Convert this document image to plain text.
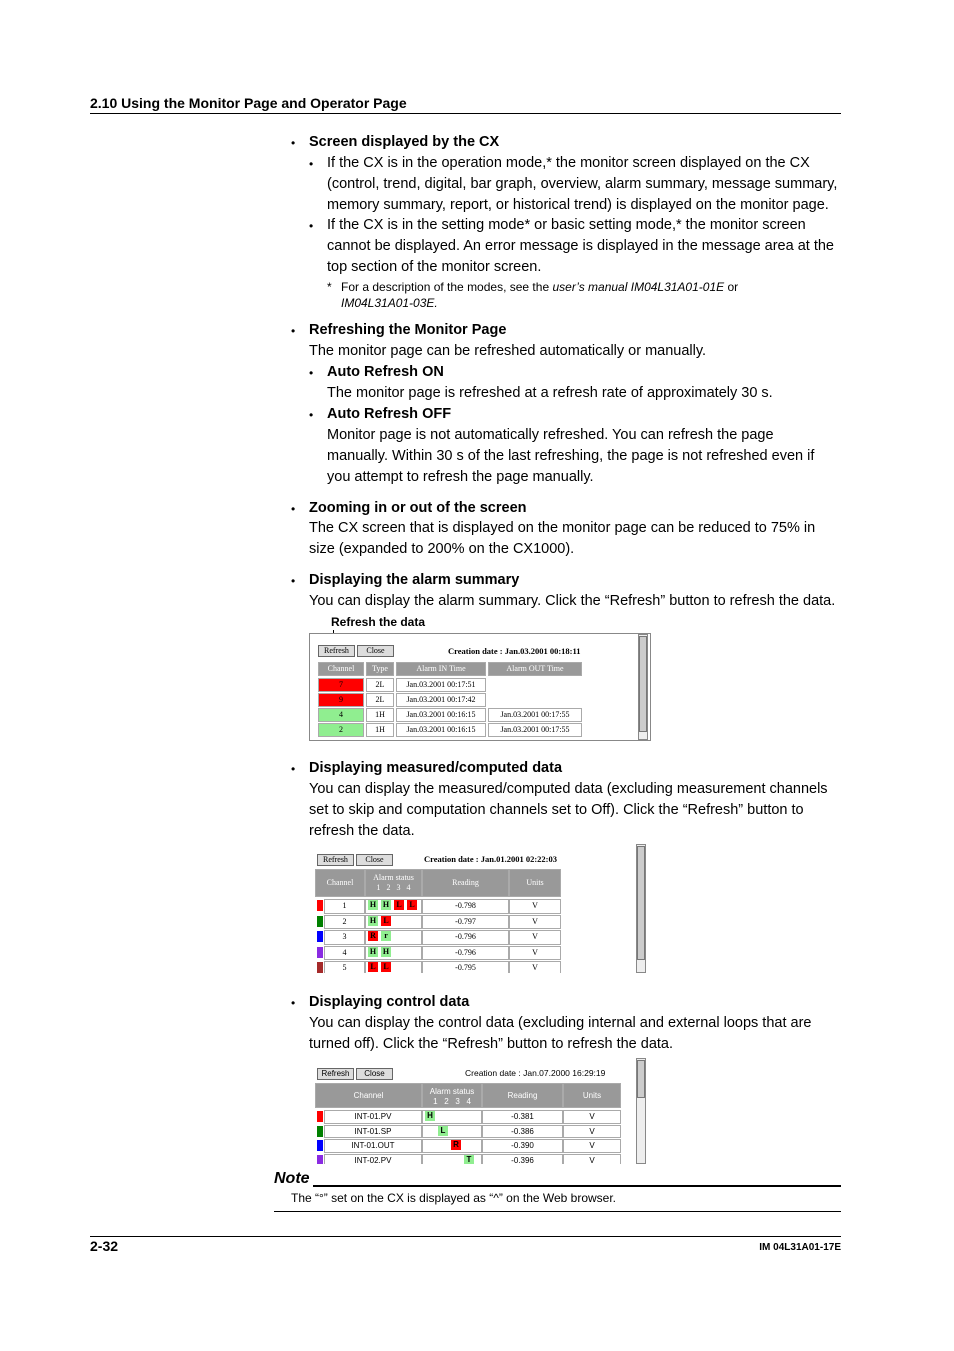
2.10 Using the Monitor Page and Operator Page
• Screen displayed by the CX
• If the CX is in the operation mode,* the monitor screen displayed on the CX (control, trend, digital, bar graph, overview, alarm summary, message summary, memory summary, report, or historical trend) is displayed on the monitor page.
• If the CX is in the setting mode* or basic setting mode,* the monitor screen cannot be displayed. An error message is displayed in the message area at the top section of the monitor screen.
* For a description of the modes, see the user’s manual IM04L31A01-01E or
IM04L31A01-03E.
• Refreshing the Monitor Page
The monitor page can be refreshed automatically or manually.
• Auto Refresh ON
The monitor page is refreshed at a refresh rate of approximately 30 s.
• Auto Refresh OFF
Monitor page is not automatically refreshed. You can refresh the page manually. Within 30 s of the last refreshing, the page is not refreshed even if you attempt to refresh the page manually.
• Zooming in or out of the screen
The CX screen that is displayed on the monitor page can be reduced to 75% in size (expanded to 200% on the CX1000).
• Displaying the alarm summary
You can display the alarm summary. Click the “Refresh” button to refresh the data.
Refresh the data
Refresh	Close	Creation date : Jan.03.2001 00:18:11
Channel	Type	Alarm IN Time	Alarm OUT Time
7	2L	Jan.03.2001 00:17:51
9	2L	Jan.03.2001 00:17:42
4	1H	Jan.03.2001 00:16:15	Jan.03.2001 00:17:55
2	1H	Jan.03.2001 00:16:15	Jan.03.2001 00:17:55
• Displaying measured/computed data
You can display the measured/computed data (excluding measurement channels set to skip and computation channels set to Off). Click the “Refresh” button to refresh the data.
Refresh	Close	Creation date : Jan.01.2001 02:22:03
Channel
Alarm status
1   2   3   4
Reading	Units
1	H H L L	-0.798	V
2	H L	-0.797	V
3	R	r	-0.796	V
4	H H	-0.796	V
5	L L	-0.795	V
• Displaying control data
You can display the control data (excluding internal and external loops that are turned off). Click the “Refresh” button to refresh the data.
Refresh	Close	Creation date : Jan.07.2000 16:29:19
Channel	Alarm status
1   2   3   4
Reading	Units
INT-01.PV	H	-0.381	V
INT-01.SP	L	-0.386	V
INT-01.OUT	R	-0.390	V
INT-02.PV	T	-0.396	V
Note
The “°” set on the CX is displayed as “^” on the Web browser.
2-32	IM 04L31A01-17E
